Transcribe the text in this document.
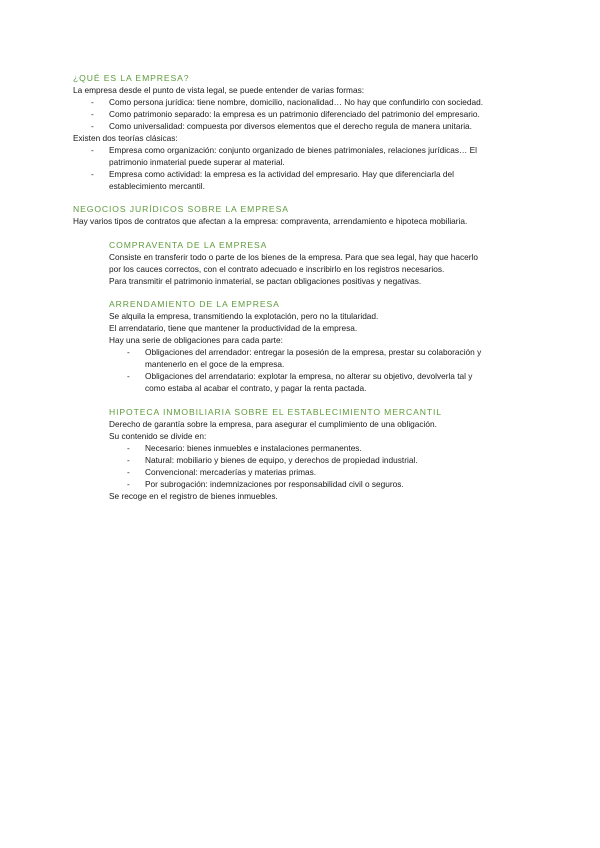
¿QUÉ ES LA EMPRESA?
La empresa desde el punto de vista legal, se puede entender de varias formas:
- Como persona jurídica: tiene nombre, domicilio, nacionalidad… No hay que confundirlo con sociedad.
- Como patrimonio separado: la empresa es un patrimonio diferenciado del patrimonio del empresario.
- Como universalidad: compuesta por diversos elementos que el derecho regula de manera unitaria.
Existen dos teorías clásicas:
- Empresa como organización: conjunto organizado de bienes patrimoniales, relaciones jurídicas… El
patrimonio inmaterial puede superar al material.
- Empresa como actividad: la empresa es la actividad del empresario. Hay que diferenciarla del
establecimiento mercantil.
NEGOCIOS JURÍDICOS SOBRE LA EMPRESA
Hay varios tipos de contratos que afectan a la empresa: compraventa, arrendamiento e hipoteca mobiliaria.
COMPRAVENTA DE LA EMPRESA
Consiste en transferir todo o parte de los bienes de la empresa. Para que sea legal, hay que hacerlo
por los cauces correctos, con el contrato adecuado e inscribirlo en los registros necesarios.
Para transmitir el patrimonio inmaterial, se pactan obligaciones positivas y negativas.
ARRENDAMIENTO DE LA EMPRESA
Se alquila la empresa, transmitiendo la explotación, pero no la titularidad.
El arrendatario, tiene que mantener la productividad de la empresa.
Hay una serie de obligaciones para cada parte:
- Obligaciones del arrendador: entregar la posesión de la empresa, prestar su colaboración y
mantenerlo en el goce de la empresa.
- Obligaciones del arrendatario: explotar la empresa, no alterar su objetivo, devolverla tal y
como estaba al acabar el contrato, y pagar la renta pactada.
HIPOTECA INMOBILIARIA SOBRE EL ESTABLECIMIENTO MERCANTIL
Derecho de garantía sobre la empresa, para asegurar el cumplimiento de una obligación.
Su contenido se divide en:
- Necesario: bienes inmuebles e instalaciones permanentes.
- Natural: mobiliario y bienes de equipo, y derechos de propiedad industrial.
- Convencional: mercaderías y materias primas.
- Por subrogación: indemnizaciones por responsabilidad civil o seguros.
Se recoge en el registro de bienes inmuebles.
